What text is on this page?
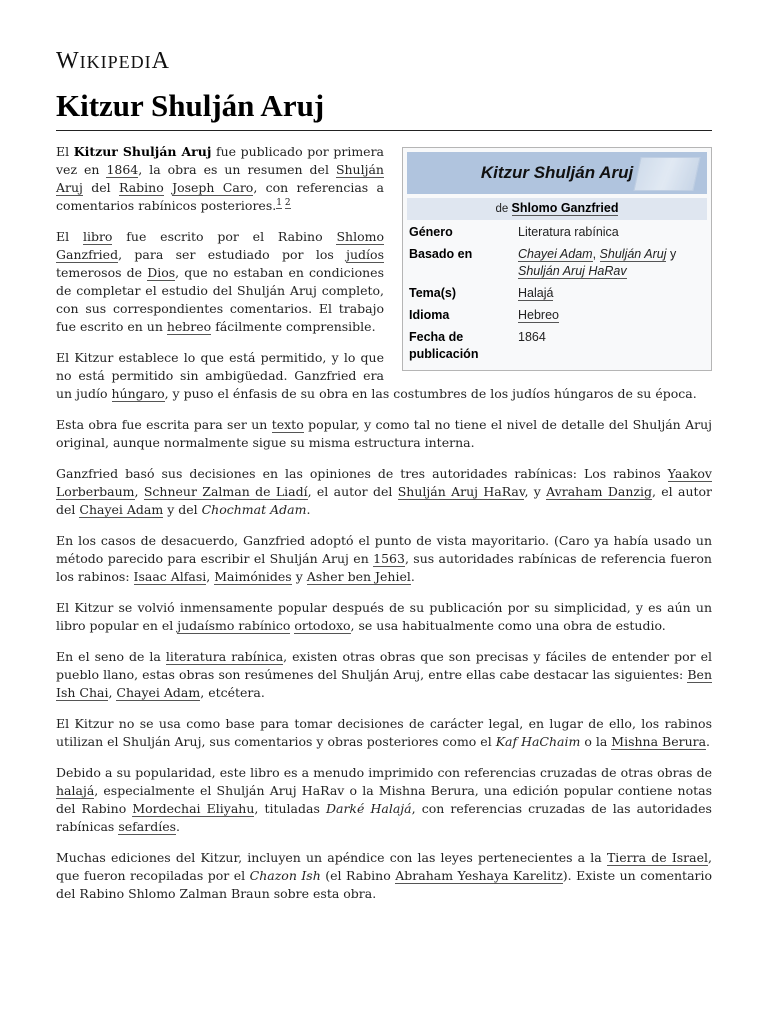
WIKIPEDIA
Kitzur Shulján Aruj
Kitzur Shulján Aruj
de Shlomo Ganzfried
Género	Literatura rabínica
Basado en	Chayei Adam, Shulján Aruj y
Shulján Aruj HaRav
Tema(s)	Halajá
Idioma	Hebreo
Fecha de publicación	1864

El Kitzur Shulján Aruj fue publicado por primera vez en 1864, la obra es un resumen del Shulján Aruj del Rabino Joseph Caro, con referencias a comentarios rabínicos posteriores.$^{1 2}$

El libro fue escrito por el Rabino Shlomo Ganzfried, para ser estudiado por los judíos temerosos de Dios, que no estaban en condiciones de completar el estudio del Shulján Aruj completo, con sus correspondientes comentarios. El trabajo fue escrito en un hebreo fácilmente comprensible.

El Kitzur establece lo que está permitido, y lo que no está permitido sin ambigüedad. Ganzfried era un judío húngaro, y puso el énfasis de su obra en las costumbres de los judíos húngaros de su época.

Esta obra fue escrita para ser un texto popular, y como tal no tiene el nivel de detalle del Shulján Aruj original, aunque normalmente sigue su misma estructura interna.

Ganzfried basó sus decisiones en las opiniones de tres autoridades rabínicas: Los rabinos Yaakov Lorberbaum, Schneur Zalman de Liadí, el autor del Shulján Aruj HaRav, y Avraham Danzig, el autor del Chayei Adam y del Chochmat Adam.

En los casos de desacuerdo, Ganzfried adoptó el punto de vista mayoritario. (Caro ya había usado un método parecido para escribir el Shulján Aruj en 1563, sus autoridades rabínicas de referencia fueron los rabinos: Isaac Alfasi, Maimónides y Asher ben Jehiel.

El Kitzur se volvió inmensamente popular después de su publicación por su simplicidad, y es aún un libro popular en el judaísmo rabínico ortodoxo, se usa habitualmente como una obra de estudio.

En el seno de la literatura rabínica, existen otras obras que son precisas y fáciles de entender por el pueblo llano, estas obras son resúmenes del Shulján Aruj, entre ellas cabe destacar las siguientes: Ben Ish Chai, Chayei Adam, etcétera.

El Kitzur no se usa como base para tomar decisiones de carácter legal, en lugar de ello, los rabinos utilizan el Shulján Aruj, sus comentarios y obras posteriores como el Kaf HaChaim o la Mishna Berura.

Debido a su popularidad, este libro es a menudo imprimido con referencias cruzadas de otras obras de halajá, especialmente el Shulján Aruj HaRav o la Mishna Berura, una edición popular contiene notas del Rabino Mordechai Eliyahu, tituladas Darké Halajá, con referencias cruzadas de las autoridades rabínicas sefardíes.

Muchas ediciones del Kitzur, incluyen un apéndice con las leyes pertenecientes a la Tierra de Israel, que fueron recopiladas por el Chazon Ish (el Rabino Abraham Yeshaya Karelitz). Existe un comentario del Rabino Shlomo Zalman Braun sobre esta obra.
